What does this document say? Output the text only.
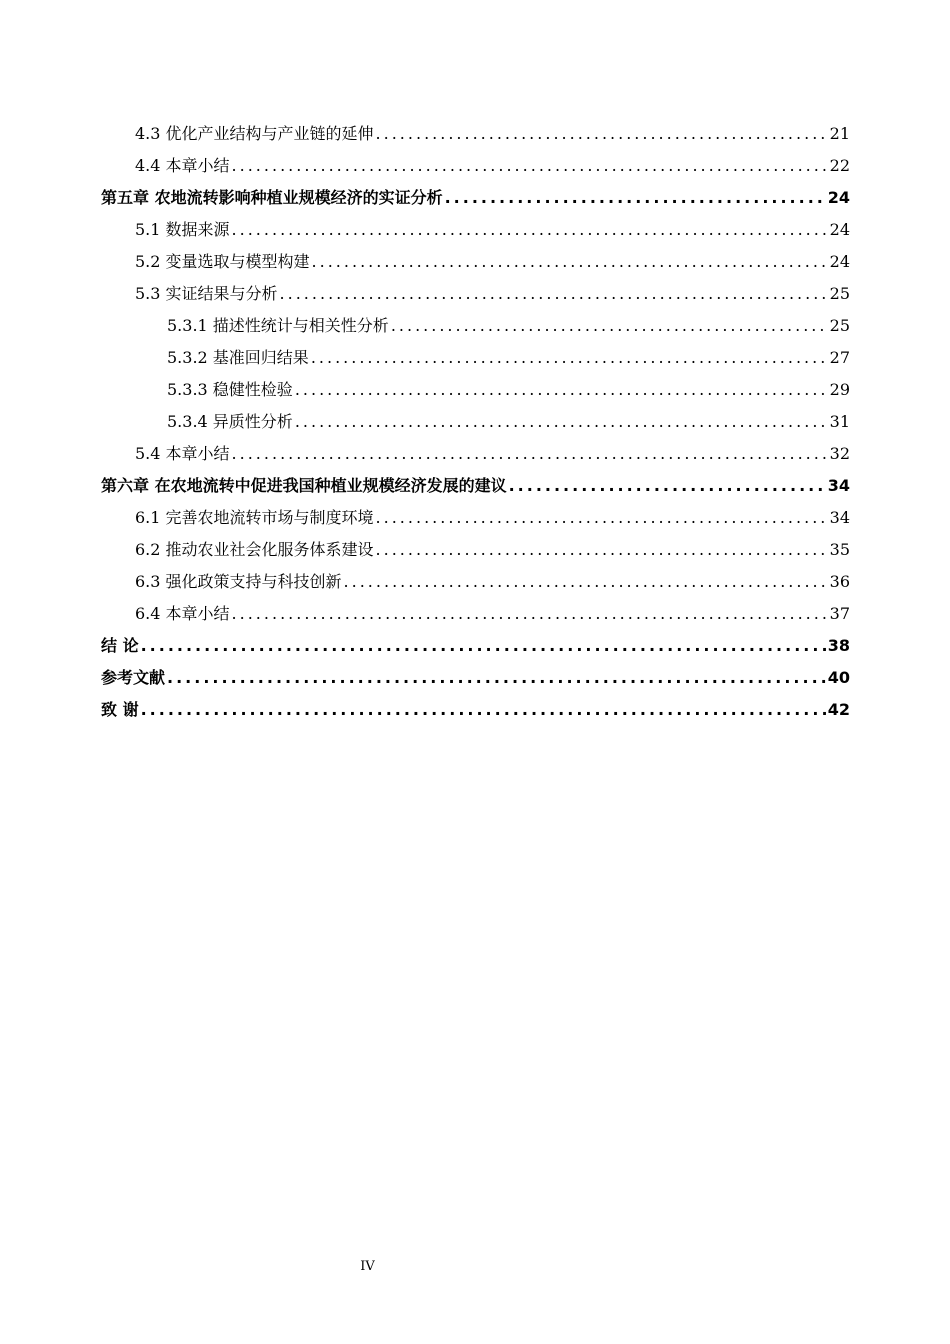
4.3 优化产业结构与产业链的延伸 .....	21
4.4 本章小结 .....	22
第五章 农地流转影响种植业规模经济的实证分析 .....	24
5.1 数据来源 .....	24
5.2 变量选取与模型构建 .....	24
5.3 实证结果与分析 .....	25
5.3.1 描述性统计与相关性分析 .....	25
5.3.2 基准回归结果 .....	27
5.3.3 稳健性检验 .....	29
5.3.4 异质性分析 .....	31
5.4 本章小结 .....	32
第六章 在农地流转中促进我国种植业规模经济发展的建议 .....	34
6.1 完善农地流转市场与制度环境 .....	34
6.2 推动农业社会化服务体系建设 .....	35
6.3 强化政策支持与科技创新 .....	36
6.4 本章小结 .....	37
结 论 .....	38
参考文献 .....	40
致 谢 .....	42
IV
